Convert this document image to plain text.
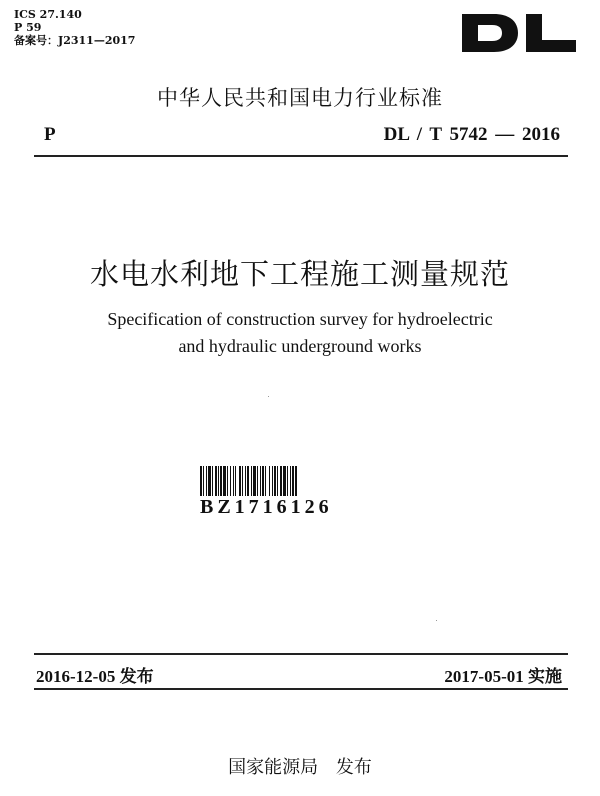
ICS 27.140
P 59
备案号：J2311—2017
中华人民共和国电力行业标准
P	DL / T 5742 — 2016
水电水利地下工程施工测量规范
Specification of construction survey for hydroelectric
and hydraulic underground works
BZ1716126
2016-12-05 发布	2017-05-01 实施
国家能源局 发布
